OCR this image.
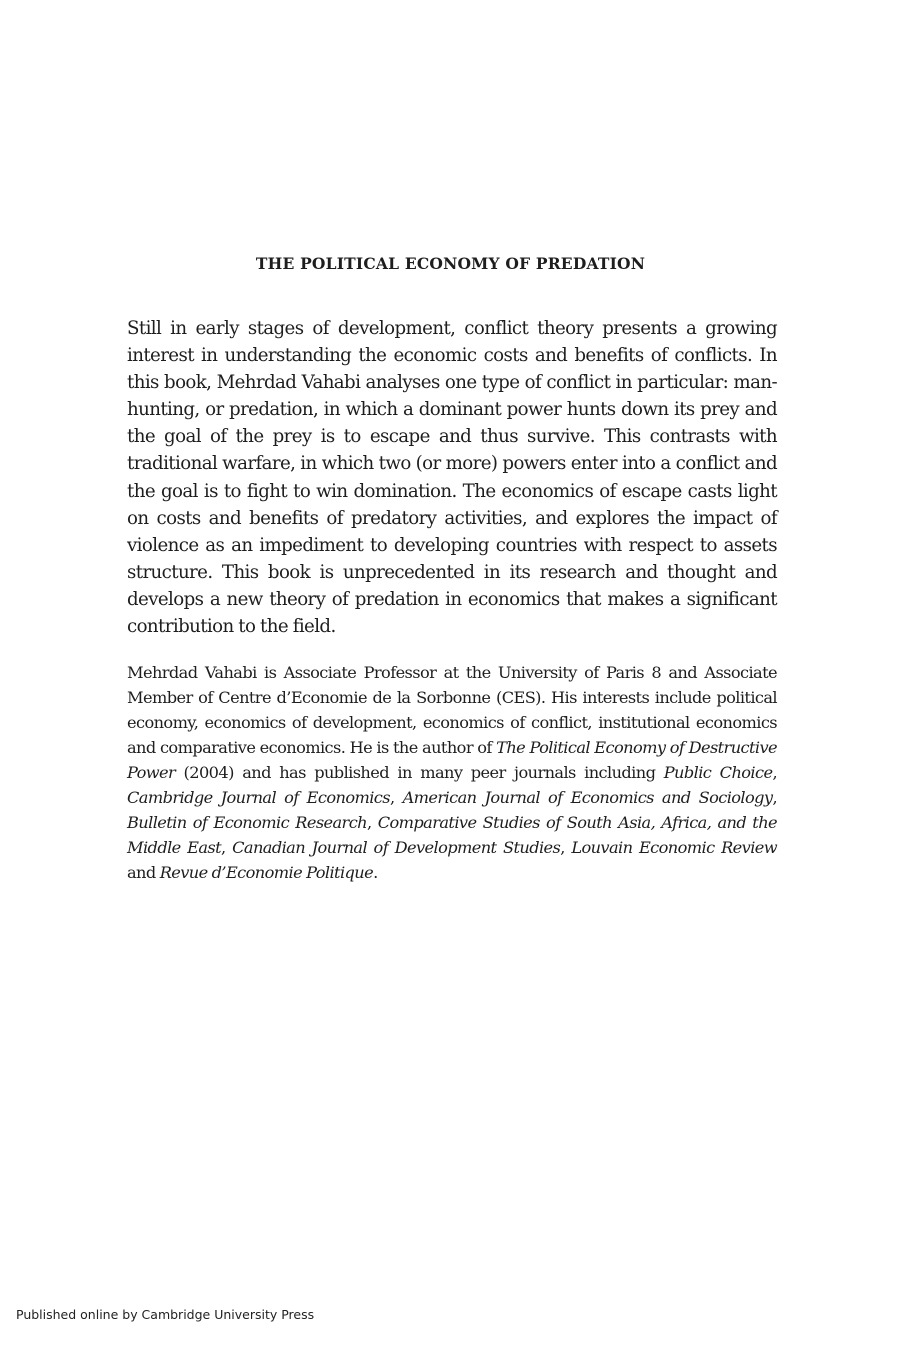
THE POLITICAL ECONOMY OF PREDATION

Still in early stages of development, conflict theory presents a growing interest in understanding the economic costs and benefits of conflicts. In this book, Mehrdad Vahabi analyses one type of conflict in particular: man-hunting, or predation, in which a dominant power hunts down its prey and the goal of the prey is to escape and thus survive. This contrasts with traditional warfare, in which two (or more) powers enter into a conflict and the goal is to fight to win domination. The economics of escape casts light on costs and benefits of predatory activities, and explores the impact of violence as an impediment to developing countries with respect to assets structure. This book is unprecedented in its research and thought and develops a new theory of predation in economics that makes a significant contribution to the field.

Mehrdad Vahabi is Associate Professor at the University of Paris 8 and Associate Member of Centre d’Economie de la Sorbonne (CES). His interests include political economy, economics of development, economics of conflict, institutional economics and comparative economics. He is the author of The Political Economy of Destructive Power (2004) and has published in many peer journals including Public Choice, Cambridge Journal of Economics, American Journal of Economics and Sociology, Bulletin of Economic Research, Comparative Studies of South Asia, Africa, and the Middle East, Canadian Journal of Development Studies, Louvain Economic Review and Revue d’Economie Politique.

Published online by Cambridge University Press
